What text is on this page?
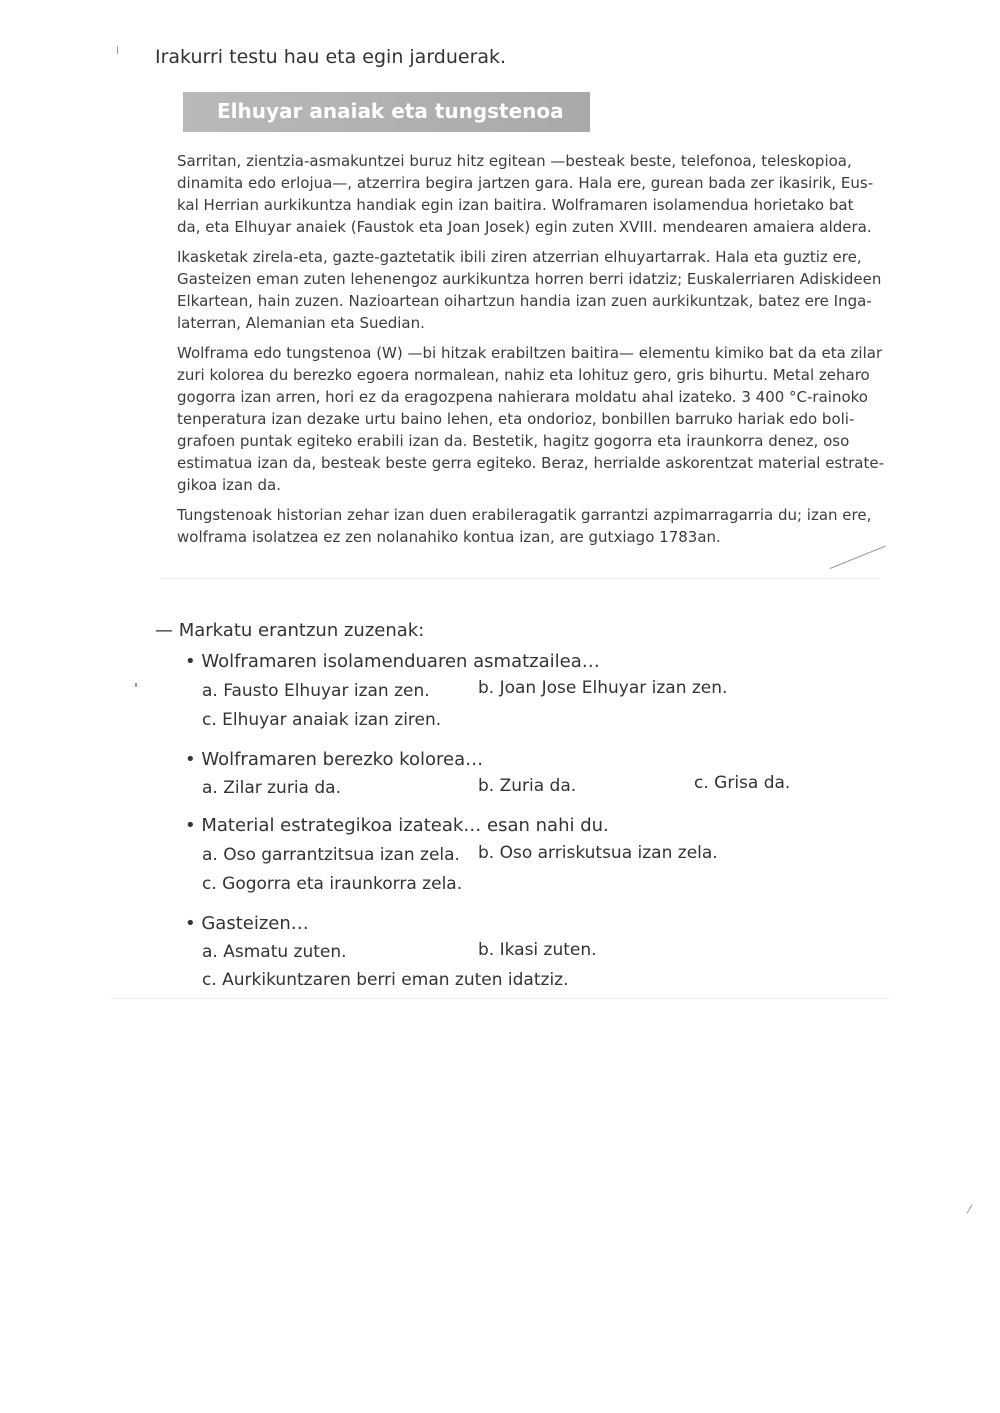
Irakurri testu hau eta egin jarduerak.
Elhuyar anaiak eta tungstenoa
Sarritan, zientzia-asmakuntzei buruz hitz egitean —besteak beste, telefonoa, teleskopioa,
dinamita edo erlojua—, atzerrira begira jartzen gara. Hala ere, gurean bada zer ikasirik, Eus-
kal Herrian aurkikuntza handiak egin izan baitira. Wolframaren isolamendua horietako bat
da, eta Elhuyar anaiek (Faustok eta Joan Josek) egin zuten XVIII. mendearen amaiera aldera.
Ikasketak zirela-eta, gazte-gaztetatik ibili ziren atzerrian elhuyartarrak. Hala eta guztiz ere,
Gasteizen eman zuten lehenengoz aurkikuntza horren berri idatziz; Euskalerriaren Adiskideen
Elkartean, hain zuzen. Nazioartean oihartzun handia izan zuen aurkikuntzak, batez ere Inga-
laterran, Alemanian eta Suedian.
Wolframa edo tungstenoa (W) —bi hitzak erabiltzen baitira— elementu kimiko bat da eta zilar
zuri kolorea du berezko egoera normalean, nahiz eta lohituz gero, gris bihurtu. Metal zeharo
gogorra izan arren, hori ez da eragozpena nahierara moldatu ahal izateko. 3 400 °C-rainoko
tenperatura izan dezake urtu baino lehen, eta ondorioz, bonbillen barruko hariak edo boli-
grafoen puntak egiteko erabili izan da. Bestetik, hagitz gogorra eta iraunkorra denez, oso
estimatua izan da, besteak beste gerra egiteko. Beraz, herrialde askorentzat material estrate-
gikoa izan da.
Tungstenoak historian zehar izan duen erabileragatik garrantzi azpimarragarria du; izan ere,
wolframa isolatzea ez zen nolanahiko kontua izan, are gutxiago 1783an.
— Markatu erantzun zuzenak:
• Wolframaren isolamenduaren asmatzailea…
a. Fausto Elhuyar izan zen.	b. Joan Jose Elhuyar izan zen.
c. Elhuyar anaiak izan ziren.
• Wolframaren berezko kolorea…
a. Zilar zuria da.	b. Zuria da.	c. Grisa da.
• Material estrategikoa izateak… esan nahi du.
a. Oso garrantzitsua izan zela. b. Oso arriskutsua izan zela.
c. Gogorra eta iraunkorra zela.
• Gasteizen…
a. Asmatu zuten.	b. Ikasi zuten.
c. Aurkikuntzaren berri eman zuten idatziz.
